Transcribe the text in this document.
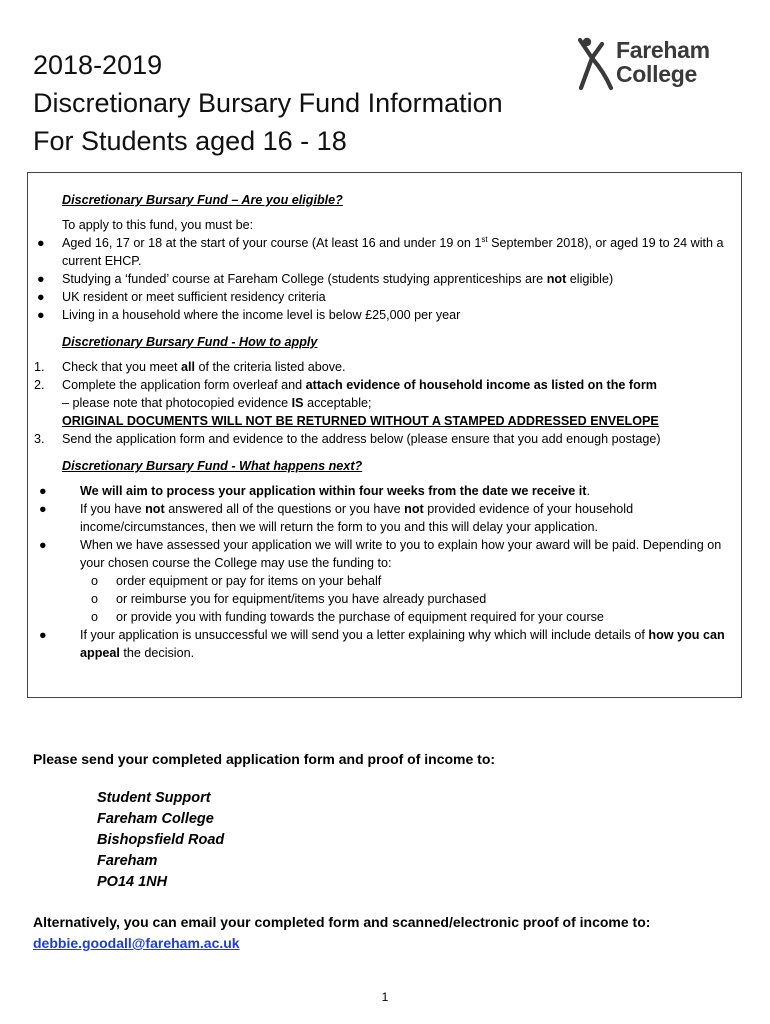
2018-2019
Discretionary Bursary Fund Information
For Students aged 16 - 18
Fareham
College
Discretionary Bursary Fund – Are you eligible?
To apply to this fund, you must be:
●	Aged 16, 17 or 18 at the start of your course (At least 16 and under 19 on 1st September 2018), or aged 19 to 24 with a current EHCP.
●	Studying a ‘funded’ course at Fareham College (students studying apprenticeships are not eligible)
●	UK resident or meet sufficient residency criteria
●	Living in a household where the income level is below £25,000 per year
Discretionary Bursary Fund - How to apply
1.	Check that you meet all of the criteria listed above.
2.	Complete the application form overleaf and attach evidence of household income as listed on the form
– please note that photocopied evidence IS acceptable;
ORIGINAL DOCUMENTS WILL NOT BE RETURNED WITHOUT A STAMPED ADDRESSED ENVELOPE
3.	Send the application form and evidence to the address below (please ensure that you add enough postage)
Discretionary Bursary Fund - What happens next?
●	We will aim to process your application within four weeks from the date we receive it.
●	If you have not answered all of the questions or you have not provided evidence of your household income/circumstances, then we will return the form to you and this will delay your application.
●	When we have assessed your application we will write to you to explain how your award will be paid. Depending on your chosen course the College may use the funding to:
o	order equipment or pay for items on your behalf
o	or reimburse you for equipment/items you have already purchased
o	or provide you with funding towards the purchase of equipment required for your course
●	If your application is unsuccessful we will send you a letter explaining why which will include details of how you can appeal the decision.
Please send your completed application form and proof of income to:
Student Support
Fareham College
Bishopsfield Road
Fareham
PO14 1NH
Alternatively, you can email your completed form and scanned/electronic proof of income to: debbie.goodall@fareham.ac.uk
1
